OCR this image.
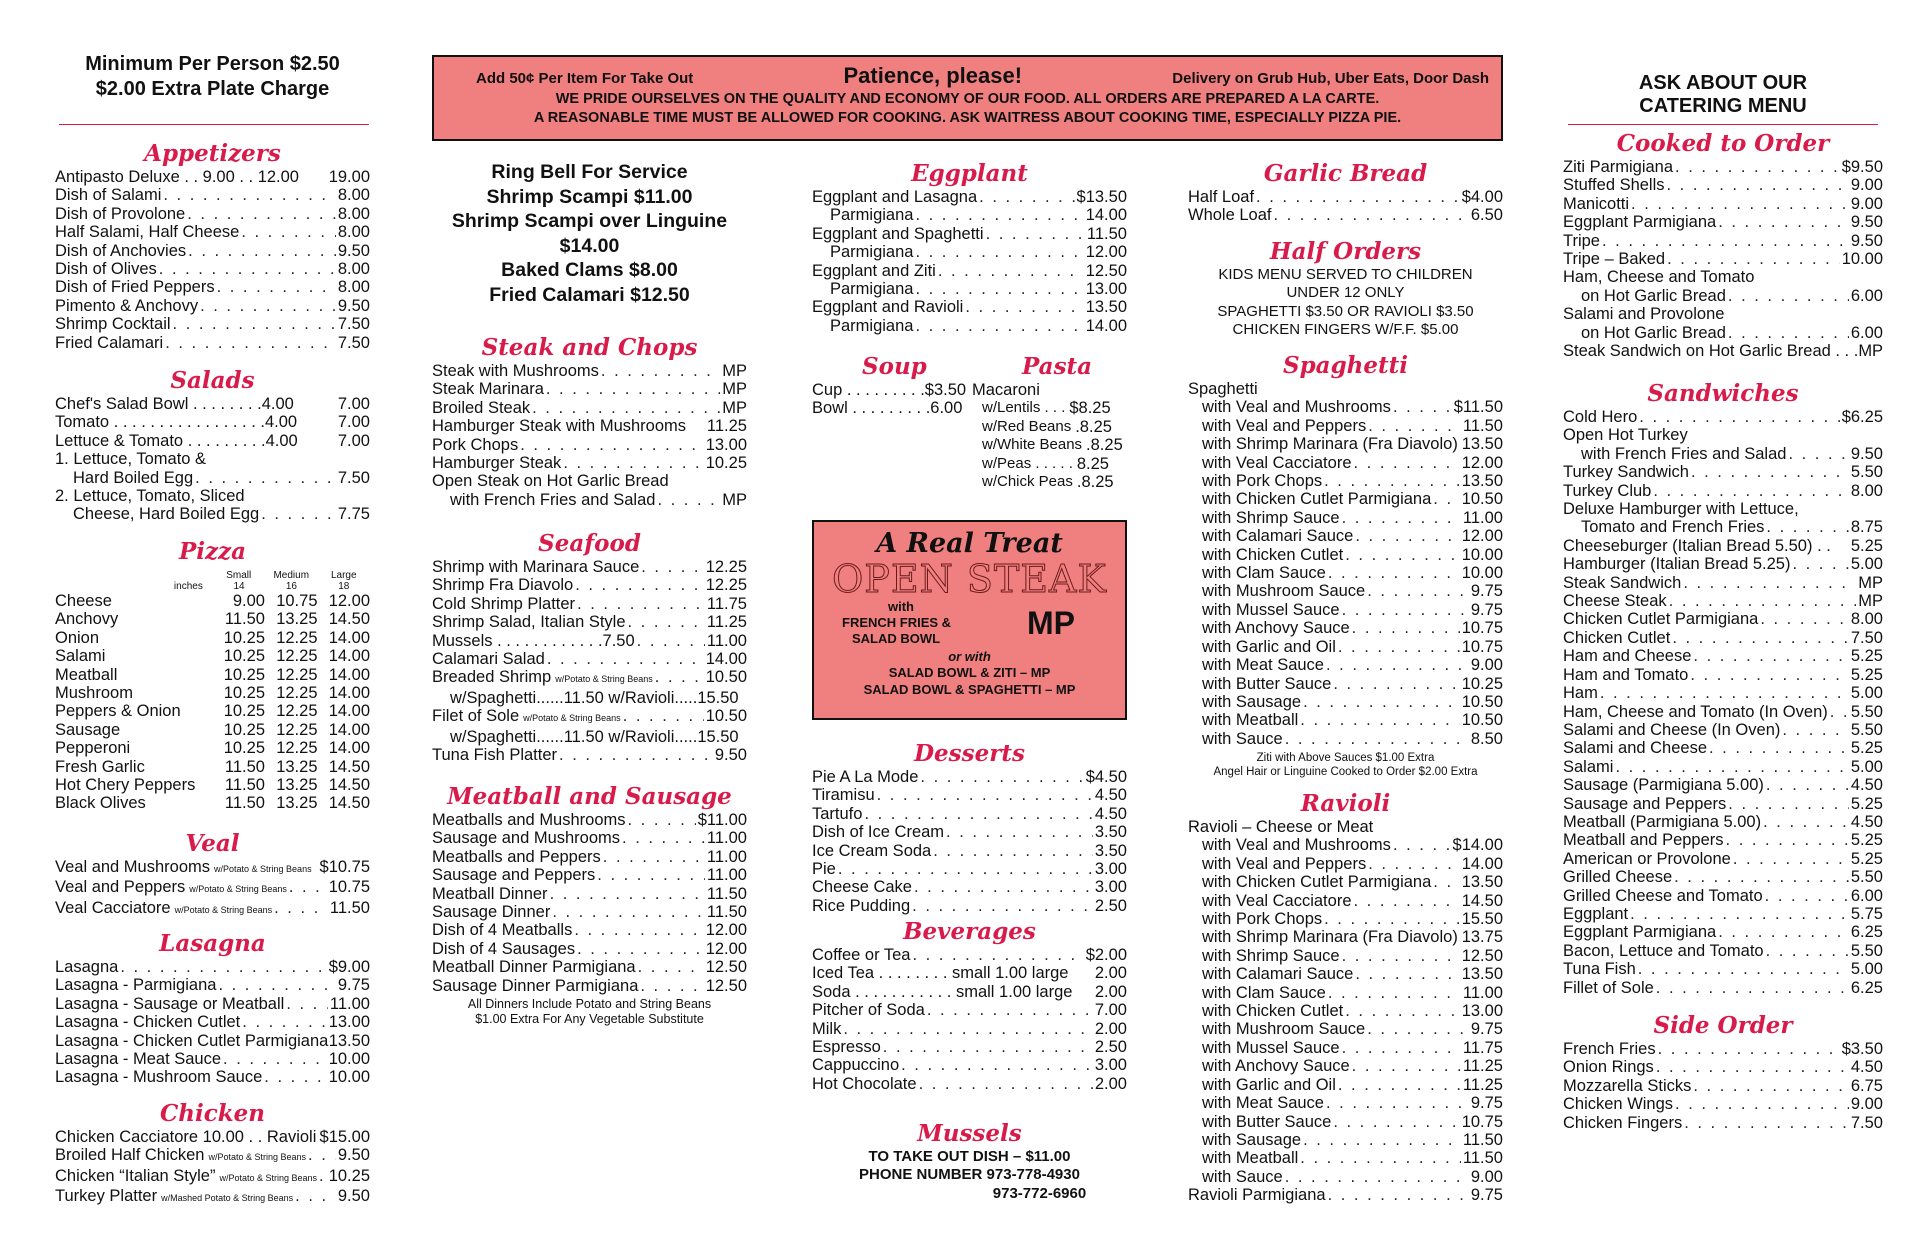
Minimum Per Person $2.50
$2.00 Extra Plate Charge
Appetizers
Antipasto Deluxe . . 9.00 . . 12.00 19.00
Dish of Salami . . .	8.00
Dish of Provolone . . .	8.00
Half Salami, Half Cheese . . .	8.00
Dish of Anchovies . . .	9.50
Dish of Olives . . .	8.00
Dish of Fried Peppers . . .	8.00
Pimento & Anchovy . . .	9.50
Shrimp Cocktail . . .	7.50
Fried Calamari . . .	7.50
Salads
Chef's Salad Bowl . . . . . . . .4.00	7.00
Tomato . . . . . . . . . . . . . . . . .4.00 7.00
Lettuce & Tomato . . . . . . . . .4.00 7.00
1. Lettuce, Tomato &
Hard Boiled Egg . . .	7.50
2. Lettuce, Tomato, Sliced
Cheese, Hard Boiled Egg . . .	7.75
Pizza
Small	Medium	Large
inches	14	16	18
Cheese	9.00 10.75 12.00
Anchovy	11.50 13.25 14.50
Onion	10.25 12.25 14.00
Salami	10.25 12.25 14.00
Meatball	10.25 12.25 14.00
Mushroom	10.25 12.25 14.00
Peppers & Onion	10.25 12.25 14.00
Sausage	10.25 12.25 14.00
Pepperoni	10.25 12.25 14.00
Fresh Garlic	11.50 13.25 14.50
Hot Chery Peppers	11.50 13.25 14.50
Black Olives	11.50 13.25 14.50
Veal
Veal and Mushrooms w/Potato & String Beans $10.75
Veal and Peppers w/Potato & String Beans . . .	10.75
Veal Cacciatore w/Potato & String Beans . . .	11.50
Lasagna
Lasagna . . .	$9.00
Lasagna - Parmigiana . . .	9.75
Lasagna - Sausage or Meatball . . .	11.00
Lasagna - Chicken Cutlet . . .	13.00
Lasagna - Chicken Cutlet Parmigiana 13.50
Lasagna - Meat Sauce . . .	10.00
Lasagna - Mushroom Sauce . . .	10.00
Chicken
Chicken Cacciatore 10.00 . . Ravioli $15.00
Broiled Half Chicken w/Potato & String Beans . . . 9.50
Chicken “Italian Style” w/Potato & String Beans . . . 10.25
Turkey Platter w/Mashed Potato & String Beans . . .	9.50
Add 50¢ Per Item For Take Out	Patience, please!	Delivery on Grub Hub, Uber Eats, Door Dash
WE PRIDE OURSELVES ON THE QUALITY AND ECONOMY OF OUR FOOD. ALL ORDERS ARE PREPARED A LA CARTE.
A REASONABLE TIME MUST BE ALLOWED FOR COOKING. ASK WAITRESS ABOUT COOKING TIME, ESPECIALLY PIZZA PIE.
Ring Bell For Service
Shrimp Scampi $11.00
Shrimp Scampi over Linguine
$14.00
Baked Clams $8.00
Fried Calamari $12.50
Steak and Chops
Steak with Mushrooms . . .	MP
Steak Marinara . . .	MP
Broiled Steak . . .	MP
Hamburger Steak with Mushrooms 11.25
Pork Chops . . .	13.00
Hamburger Steak . . .	10.25
Open Steak on Hot Garlic Bread
with French Fries and Salad . . .	MP
Seafood
Shrimp with Marinara Sauce . . .	12.25
Shrimp Fra Diavolo . . .	12.25
Cold Shrimp Platter . . .	11.75
Shrimp Salad, Italian Style . . .	11.25
Mussels . . . . . . . . . . . .7.50 . . .	11.00
Calamari Salad . . .	14.00
Breaded Shrimp w/Potato & String Beans . . .	10.50
w/Spaghetti......11.50 w/Ravioli.....15.50
Filet of Sole w/Potato & String Beans . . .	10.50
w/Spaghetti......11.50 w/Ravioli.....15.50
Tuna Fish Platter . . .	9.50
Meatball and Sausage
Meatballs and Mushrooms . . .	$11.00
Sausage and Mushrooms . . .	11.00
Meatballs and Peppers . . .	11.00
Sausage and Peppers . . .	11.00
Meatball Dinner . . .	11.50
Sausage Dinner . . .	11.50
Dish of 4 Meatballs . . .	12.00
Dish of 4 Sausages . . .	12.00
Meatball Dinner Parmigiana . . .	12.50
Sausage Dinner Parmigiana . . .	12.50
All Dinners Include Potato and String Beans
$1.00 Extra For Any Vegetable Substitute
Eggplant
Eggplant and Lasagna . . .	$13.50
Parmigiana . . .	14.00
Eggplant and Spaghetti . . .	11.50
Parmigiana . . .	12.00
Eggplant and Ziti . . .	12.50
Parmigiana . . .	13.00
Eggplant and Ravioli . . .	13.50
Parmigiana . . .	14.00
Soup
Cup . . . . . . . . .$3.50
Bowl . . . . . . . . .6.00
Pasta
Macaroni
w/Lentils . . . $8.25
w/Red Beans .8.25
w/White Beans .8.25
w/Peas . . . . . 8.25
w/Chick Peas .8.25
A Real Treat
OPEN STEAK
with
FRENCH FRIES &
SALAD BOWL	MP
or with
SALAD BOWL & ZITI – MP
SALAD BOWL & SPAGHETTI – MP
Desserts
Pie A La Mode . . .	$4.50
Tiramisu . . .	4.50
Tartufo . . .	4.50
Dish of Ice Cream . . .	3.50
Ice Cream Soda . . .	3.50
Pie . . .	3.00
Cheese Cake . . .	3.00
Rice Pudding . . .	2.50
Beverages
Coffee or Tea . . .	$2.00
Iced Tea . . . . . . . . small 1.00 large 2.00
Soda . . . . . . . . . . . small 1.00 large 2.00
Pitcher of Soda . . .	7.00
Milk . . .	2.00
Espresso . . .	2.50
Cappuccino . . .	3.00
Hot Chocolate . . .	2.00
Mussels
TO TAKE OUT DISH – $11.00
PHONE NUMBER 973-778-4930
973-772-6960
Garlic Bread
Half Loaf . . .	$4.00
Whole Loaf . . .	6.50
Half Orders
KIDS MENU SERVED TO CHILDREN
UNDER 12 ONLY
SPAGHETTI $3.50 OR RAVIOLI $3.50
CHICKEN FINGERS W/F.F. $5.00
Spaghetti
Spaghetti
with Veal and Mushrooms . . .	$11.50
with Veal and Peppers . . .	11.50
with Shrimp Marinara (Fra Diavolo) 13.50
with Veal Cacciatore . . .	12.00
with Pork Chops . . .	13.50
with Chicken Cutlet Parmigiana . . . 10.50
with Shrimp Sauce . . .	11.00
with Calamari Sauce . . .	12.00
with Chicken Cutlet . . .	10.00
with Clam Sauce . . .	10.00
with Mushroom Sauce . . .	9.75
with Mussel Sauce . . .	9.75
with Anchovy Sauce . . .	10.75
with Garlic and Oil . . .	10.75
with Meat Sauce . . .	9.00
with Butter Sauce . . .	10.25
with Sausage . . .	10.50
with Meatball . . .	10.50
with Sauce . . .	8.50
Ziti with Above Sauces $1.00 Extra
Angel Hair or Linguine Cooked to Order $2.00 Extra
Ravioli
Ravioli – Cheese or Meat
with Veal and Mushrooms . . .	$14.00
with Veal and Peppers . . .	14.00
with Chicken Cutlet Parmigiana . . . 13.50
with Veal Cacciatore . . .	14.50
with Pork Chops . . .	15.50
with Shrimp Marinara (Fra Diavolo) 13.75
with Shrimp Sauce . . .	12.50
with Calamari Sauce . . .	13.50
with Clam Sauce . . .	11.00
with Chicken Cutlet . . .	13.00
with Mushroom Sauce . . .	9.75
with Mussel Sauce . . .	11.75
with Anchovy Sauce . . .	11.25
with Garlic and Oil . . .	11.25
with Meat Sauce . . .	9.75
with Butter Sauce . . .	10.75
with Sausage . . .	11.50
with Meatball . . .	11.50
with Sauce . . .	9.00
Ravioli Parmigiana . . .	9.75
ASK ABOUT OUR
CATERING MENU
Cooked to Order
Ziti Parmigiana . . .	$9.50
Stuffed Shells . . .	9.00
Manicotti . . .	9.00
Eggplant Parmigiana . . .	9.50
Tripe . . .	9.50
Tripe – Baked . . .	10.00
Ham, Cheese and Tomato
on Hot Garlic Bread . . .	6.00
Salami and Provolone
on Hot Garlic Bread . . .	6.00
Steak Sandwich on Hot Garlic Bread . . . MP
Sandwiches
Cold Hero . . .	$6.25
Open Hot Turkey
with French Fries and Salad . . .	9.50
Turkey Sandwich . . .	5.50
Turkey Club . . .	8.00
Deluxe Hamburger with Lettuce,
Tomato and French Fries . . .	8.75
Cheeseburger (Italian Bread 5.50) . . 5.25
Hamburger (Italian Bread 5.25) . . .	5.00
Steak Sandwich . . .	MP
Cheese Steak . . .	MP
Chicken Cutlet Parmigiana . . .	8.00
Chicken Cutlet . . .	7.50
Ham and Cheese . . .	5.25
Ham and Tomato . . .	5.25
Ham . . .	5.00
Ham, Cheese and Tomato (In Oven) . . . 5.50
Salami and Cheese (In Oven) . . .	5.50
Salami and Cheese . . .	5.25
Salami . . .	5.00
Sausage (Parmigiana 5.00) . . .	4.50
Sausage and Peppers . . .	5.25
Meatball (Parmigiana 5.00) . . .	4.50
Meatball and Peppers . . .	5.25
American or Provolone . . .	5.25
Grilled Cheese . . .	5.50
Grilled Cheese and Tomato . . .	6.00
Eggplant . . .	5.75
Eggplant Parmigiana . . .	6.25
Bacon, Lettuce and Tomato . . .	5.50
Tuna Fish . . .	5.00
Fillet of Sole . . .	6.25
Side Order
French Fries . . .	$3.50
Onion Rings . . .	4.50
Mozzarella Sticks . . .	6.75
Chicken Wings . . .	9.00
Chicken Fingers . . .	7.50
